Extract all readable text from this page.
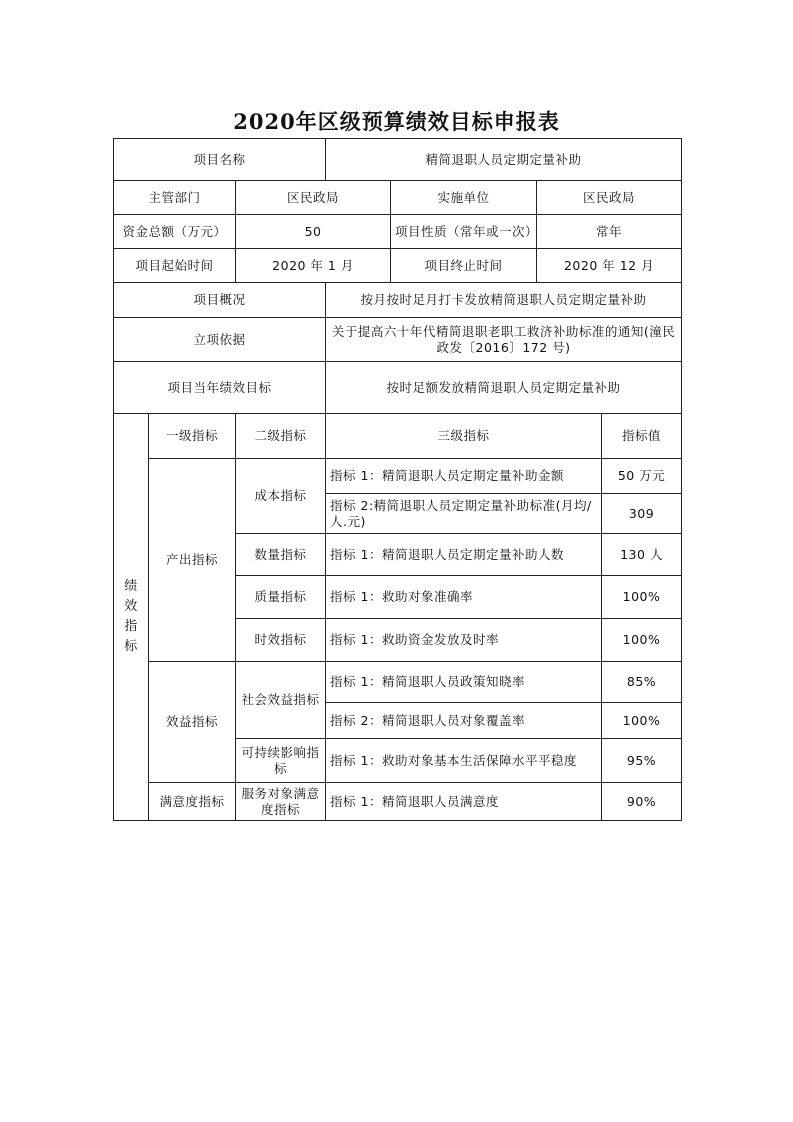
2020年区级预算绩效目标申报表
项目名称			精简退职人员定期定量补助			
主管部门		区民政局		实施单位	区民政局	
资金总额（万元）		50		项目性质（常年或一次）	常年	
项目起始时间		2020 年 1 月		项目终止时间	2020 年 12 月	
项目概况			按月按时足月打卡发放精简退职人员定期定量补助			
立项依据			关于提高六十年代精简退职老职工救济补助标准的通知(潼民政发〔2016〕172 号)			
项目当年绩效目标			按时足额发放精简退职人员定期定量补助			
绩效指标	一级指标	二级指标	三级指标			指标值
	产出指标	成本指标	指标 1：精简退职人员定期定量补助金额			50 万元
			指标 2:精简退职人员定期定量补助标准(月均/人.元)			309
		数量指标	指标 1：精简退职人员定期定量补助人数			130 人
		质量指标	指标 1：救助对象准确率			100%
		时效指标	指标 1：救助资金发放及时率			100%
	效益指标	社会效益指标	指标 1：精简退职人员政策知晓率			85%
			指标 2：精简退职人员对象覆盖率			100%
		可持续影响指标	指标 1：救助对象基本生活保障水平平稳度			95%
	满意度指标	服务对象满意度指标	指标 1：精简退职人员满意度			90%
